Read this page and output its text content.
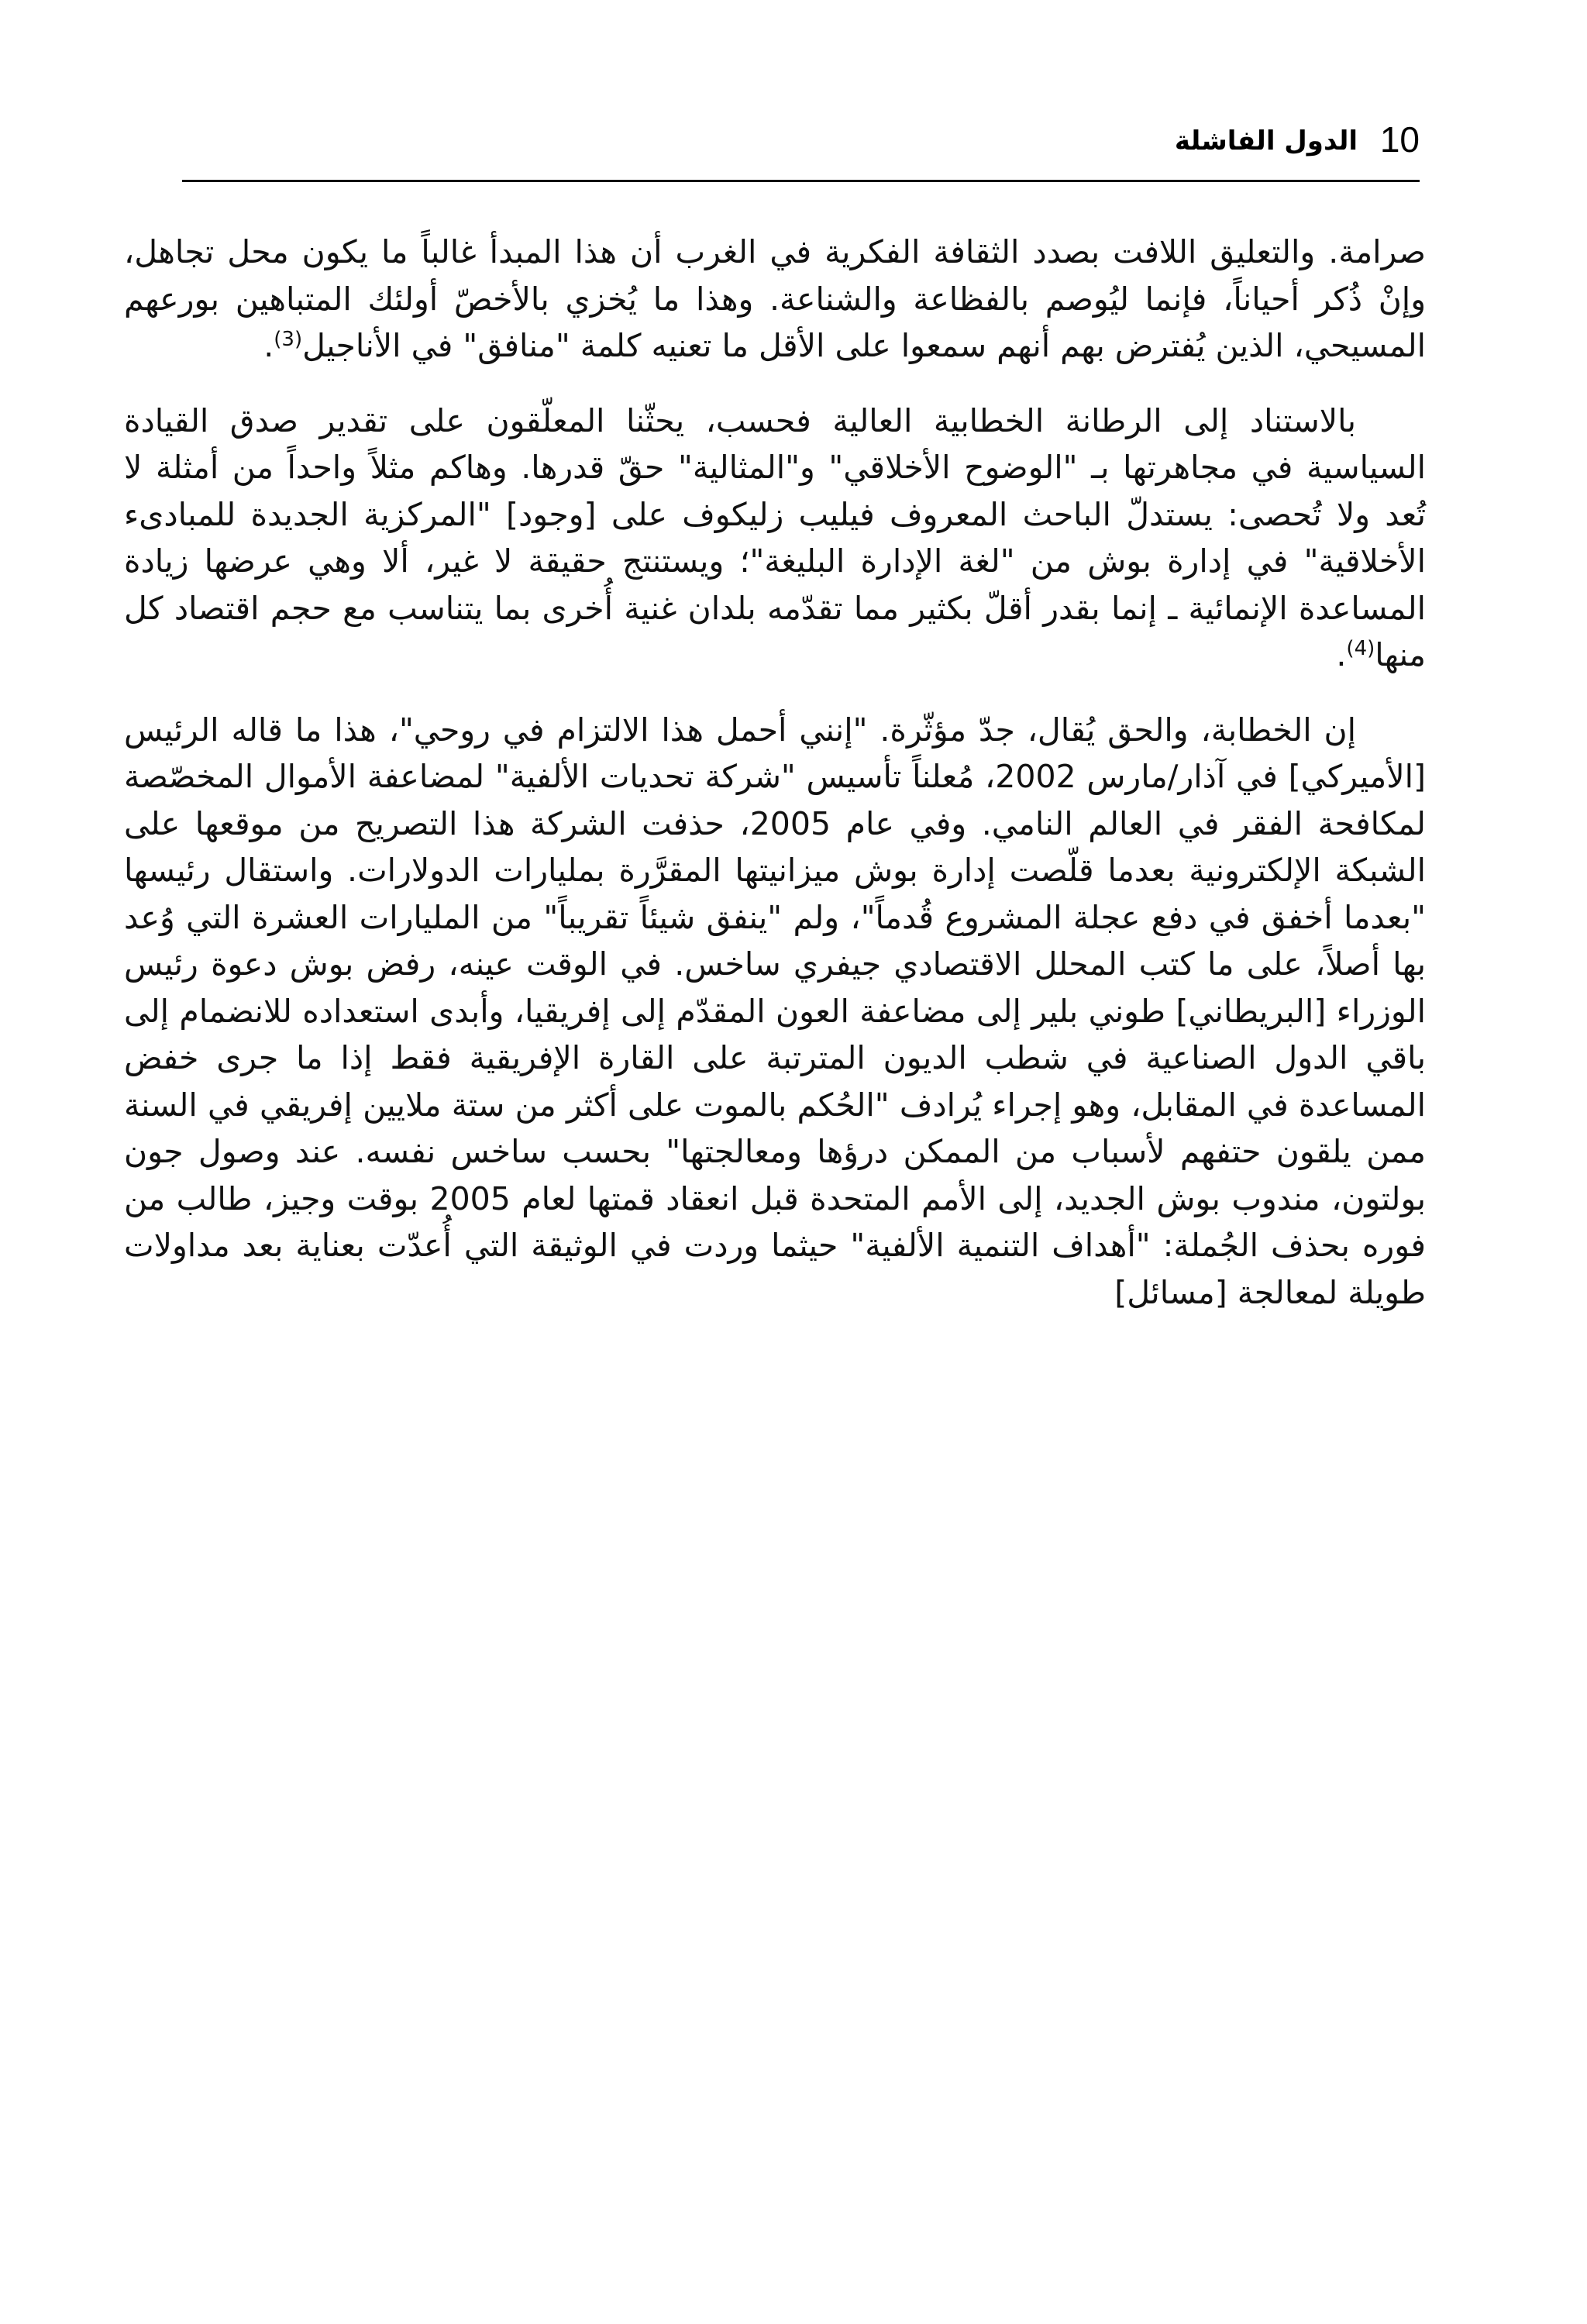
10
الدول الفاشلة

صرامة. والتعليق اللافت بصدد الثقافة الفكرية في الغرب أن هذا المبدأ غالباً ما يكون محل تجاهل، وإنْ ذُكر أحياناً، فإنما ليُوصم بالفظاعة والشناعة. وهذا ما يُخزي بالأخصّ أولئك المتباهين بورعهم المسيحي، الذين يُفترض بهم أنهم سمعوا على الأقل ما تعنيه كلمة "منافق" في الأناجيل$^{(3)}$.

بالاستناد إلى الرطانة الخطابية العالية فحسب، يحثّنا المعلّقون على تقدير صدق القيادة السياسية في مجاهرتها بـ "الوضوح الأخلاقي" و"المثالية" حقّ قدرها. وهاكم مثلاً واحداً من أمثلة لا تُعد ولا تُحصى: يستدلّ الباحث المعروف فيليب زليكوف على [وجود] "المركزية الجديدة للمبادىء الأخلاقية" في إدارة بوش من "لغة الإدارة البليغة"؛ ويستنتج حقيقة لا غير، ألا وهي عرضها زيادة المساعدة الإنمائية ـ إنما بقدر أقلّ بكثير مما تقدّمه بلدان غنية أُخرى بما يتناسب مع حجم اقتصاد كل منها$^{(4)}$.

إن الخطابة، والحق يُقال، جدّ مؤثّرة. "إنني أحمل هذا الالتزام في روحي"، هذا ما قاله الرئيس [الأميركي] في آذار/مارس 2002، مُعلناً تأسيس "شركة تحديات الألفية" لمضاعفة الأموال المخصّصة لمكافحة الفقر في العالم النامي. وفي عام 2005، حذفت الشركة هذا التصريح من موقعها على الشبكة الإلكترونية بعدما قلّصت إدارة بوش ميزانيتها المقرَّرة بمليارات الدولارات. واستقال رئيسها "بعدما أخفق في دفع عجلة المشروع قُدماً"، ولم "ينفق شيئاً تقريباً" من المليارات العشرة التي وُعد بها أصلاً، على ما كتب المحلل الاقتصادي جيفري ساخس. في الوقت عينه، رفض بوش دعوة رئيس الوزراء [البريطاني] طوني بلير إلى مضاعفة العون المقدّم إلى إفريقيا، وأبدى استعداده للانضمام إلى باقي الدول الصناعية في شطب الديون المترتبة على القارة الإفريقية فقط إذا ما جرى خفض المساعدة في المقابل، وهو إجراء يُرادف "الحُكم بالموت على أكثر من ستة ملايين إفريقي في السنة ممن يلقون حتفهم لأسباب من الممكن درؤها ومعالجتها" بحسب ساخس نفسه. عند وصول جون بولتون، مندوب بوش الجديد، إلى الأمم المتحدة قبل انعقاد قمتها لعام 2005 بوقت وجيز، طالب من فوره بحذف الجُملة: "أهداف التنمية الألفية" حيثما وردت في الوثيقة التي أُعدّت بعناية بعد مداولات طويلة لمعالجة [مسائل]
